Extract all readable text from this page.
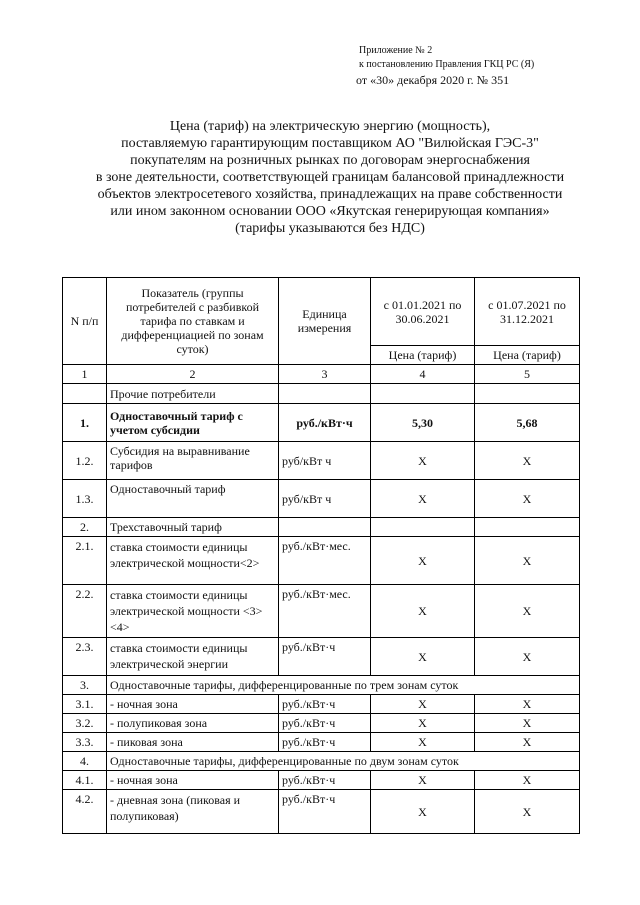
Приложение № 2
к постановлению Правления ГКЦ РС (Я)
от «30» декабря 2020 г. № 351
Цена (тариф) на электрическую энергию (мощность),
поставляемую гарантирующим поставщиком АО "Вилюйская ГЭС-3"
покупателям на розничных рынках по договорам энергоснабжения
в зоне деятельности, соответствующей границам балансовой принадлежности
объектов электросетевого хозяйства, принадлежащих на праве собственности
или ином законном основании ООО «Якутская генерирующая компания»
(тарифы указываются без НДС)
N п/п	Показатель (группы потребителей с разбивкой тарифа по ставкам и дифференциацией по зонам суток)	Единица измерения	с 01.01.2021 по 30.06.2021	с 01.07.2021 по 31.12.2021
			Цена (тариф)	Цена (тариф)
1	2	3	4	5
	Прочие потребители			
1.	Одноставочный тариф с учетом субсидии	руб./кВт·ч	5,30	5,68
1.2.	Субсидия на выравнивание тарифов	руб/кВт ч	X	X
1.3.	Одноставочный тариф	руб/кВт ч	X	X
2.	Трехставочный тариф			
2.1.	ставка стоимости единицы электрической мощности<2>	руб./кВт·мес.	X	X
2.2.	ставка стоимости единицы электрической мощности <3><4>	руб./кВт·мес.	X	X
2.3.	ставка стоимости единицы электрической энергии	руб./кВт·ч	X	X
3.	Одноставочные тарифы, дифференцированные по трем зонам суток			
3.1.	- ночная зона	руб./кВт·ч	X	X
3.2.	- полупиковая зона	руб./кВт·ч	X	X
3.3.	- пиковая зона	руб./кВт·ч	X	X
4.	Одноставочные тарифы, дифференцированные по двум зонам суток			
4.1.	- ночная зона	руб./кВт·ч	X	X
4.2.	- дневная зона (пиковая и полупиковая)	руб./кВт·ч	X	X
